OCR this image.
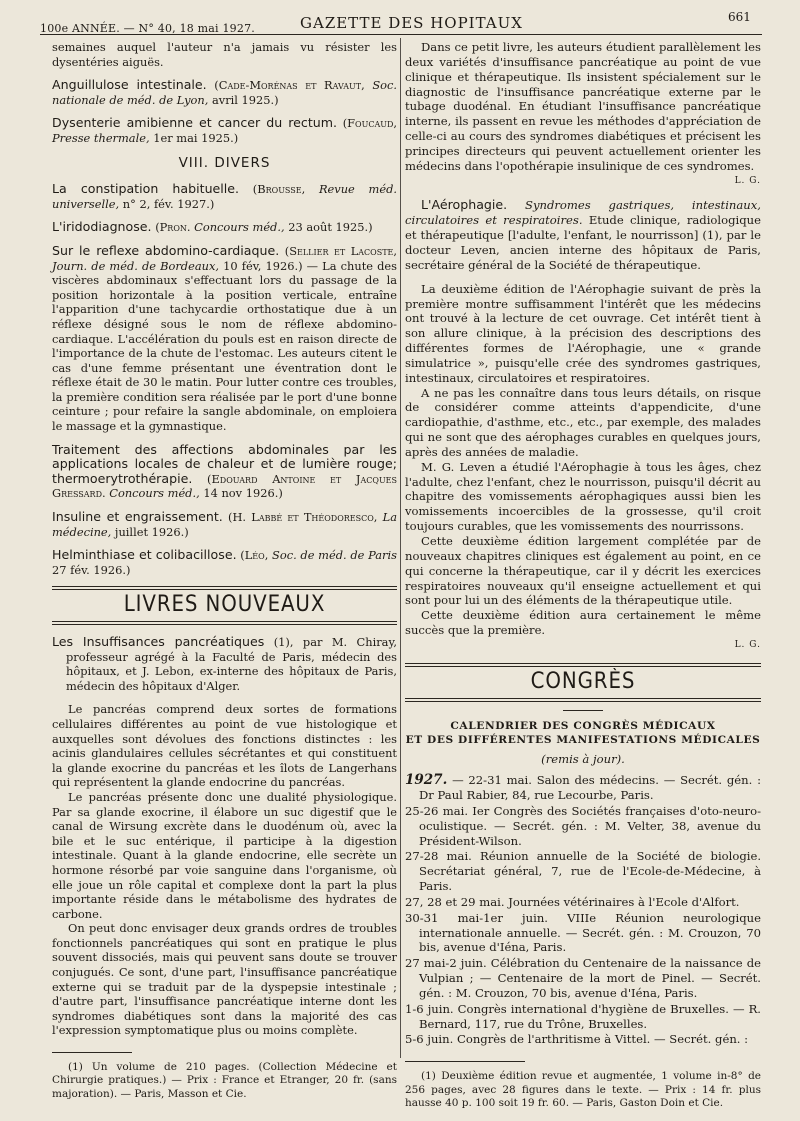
100e ANNÉE. — N° 40, 18 mai 1927.	GAZETTE DES HOPITAUX	661

semaines auquel l'auteur n'a jamais vu résister les dysentéries aiguës.

Anguillulose intestinale. (Cade-Morénas et Ravaut, Soc. nationale de méd. de Lyon, avril 1925.)

Dysenterie amibienne et cancer du rectum. (Foucaud, Presse thermale, 1er mai 1925.)

VIII. DIVERS

La constipation habituelle. (Brousse, Revue méd. universelle, n° 2, fév. 1927.)

L'iridodiagnose. (Pron. Concours méd., 23 août 1925.)

Sur le reflexe abdomino-cardiaque. (Sellier et Lacoste, Journ. de méd. de Bordeaux, 10 fév, 1926.) — La chute des viscères abdominaux s'effectuant lors du passage de la position horizontale à la position verticale, entraîne l'apparition d'une tachycardie orthostatique due à un réflexe désigné sous le nom de réflexe abdomino-cardiaque. L'accélération du pouls est en raison directe de l'importance de la chute de l'estomac. Les auteurs citent le cas d'une femme présentant une éventration dont le réflexe était de 30 le matin. Pour lutter contre ces troubles, la première condition sera réalisée par le port d'une bonne ceinture ; pour refaire la sangle abdominale, on emploiera le massage et la gymnastique.

Traitement des affections abdominales par les applications locales de chaleur et de lumière rouge; thermoerytrothérapie. (Edouard Antoine et Jacques Gressard. Concours méd., 14 nov 1926.)

Insuline et engraissement. (H. Labbé et Théodoresco, La médecine, juillet 1926.)

Helminthiase et colibacillose. (Léo, Soc. de méd. de Paris 27 fév. 1926.)

LIVRES NOUVEAUX

Les Insuffisances pancréatiques (1), par M. Chiray, professeur agrégé à la Faculté de Paris, médecin des hôpitaux, et J. Lebon, ex-interne des hôpitaux de Paris, médecin des hôpitaux d'Alger.

Le pancréas comprend deux sortes de formations cellulaires différentes au point de vue histologique et auxquelles sont dévolues des fonctions distinctes : les acinis glandulaires cellules sécrétantes et qui constituent la glande exocrine du pancréas et les îlots de Langerhans qui représentent la glande endocrine du pancréas.

Le pancréas présente donc une dualité physiologique. Par sa glande exocrine, il élabore un suc digestif que le canal de Wirsung excrète dans le duodénum où, avec la bile et le suc entérique, il participe à la digestion intestinale. Quant à la glande endocrine, elle secrète un hormone résorbé par voie sanguine dans l'organisme, où elle joue un rôle capital et complexe dont la part la plus importante réside dans le métabolisme des hydrates de carbone.

On peut donc envisager deux grands ordres de troubles fonctionnels pancréatiques qui sont en pratique le plus souvent dissociés, mais qui peuvent sans doute se trouver conjugués. Ce sont, d'une part, l'insuffisance pancréatique externe qui se traduit par de la dyspepsie intestinale ; d'autre part, l'insuffisance pancréatique interne dont les syndromes diabétiques sont dans la majorité des cas l'expression symptomatique plus ou moins complète.

(1) Un volume de 210 pages. (Collection Médecine et Chirurgie pratiques.) — Prix : France et Etranger, 20 fr. (sans majoration). — Paris, Masson et Cie.

Dans ce petit livre, les auteurs étudient parallèlement les deux variétés d'insuffisance pancréatique au point de vue clinique et thérapeutique. Ils insistent spécialement sur le diagnostic de l'insuffisance pancréatique externe par le tubage duodénal. En étudiant l'insuffisance pancréatique interne, ils passent en revue les méthodes d'appréciation de celle-ci au cours des syndromes diabétiques et précisent les principes directeurs qui peuvent actuellement orienter les médecins dans l'opothérapie insulinique de ces syndromes.

L. G.

L'Aérophagie. Syndromes gastriques, intestinaux, circulatoires et respiratoires. Etude clinique, radiologique et thérapeutique [l'adulte, l'enfant, le nourrisson] (1), par le docteur Leven, ancien interne des hôpitaux de Paris, secrétaire général de la Société de thérapeutique.

La deuxième édition de l'Aérophagie suivant de près la première montre suffisamment l'intérêt que les médecins ont trouvé à la lecture de cet ouvrage. Cet intérêt tient à son allure clinique, à la précision des descriptions des différentes formes de l'Aérophagie, une « grande simulatrice », puisqu'elle crée des syndromes gastriques, intestinaux, circulatoires et respiratoires.

A ne pas les connaître dans tous leurs détails, on risque de considérer comme atteints d'appendicite, d'une cardiopathie, d'asthme, etc., etc., par exemple, des malades qui ne sont que des aérophages curables en quelques jours, après des années de maladie.

M. G. Leven a étudié l'Aérophagie à tous les âges, chez l'adulte, chez l'enfant, chez le nourrisson, puisqu'il décrit au chapitre des vomissements aérophagiques aussi bien les vomissements incoercibles de la grossesse, qu'il croit toujours curables, que les vomissements des nourrissons.

Cette deuxième édition largement complétée par de nouveaux chapitres cliniques est également au point, en ce qui concerne la thérapeutique, car il y décrit les exercices respiratoires nouveaux qu'il enseigne actuellement et qui sont pour lui un des éléments de la thérapeutique utile.

Cette deuxième édition aura certainement le même succès que la première.

L. G.
CONGRÈS
CALENDRIER DES CONGRÈS MÉDICAUX
ET DES DIFFÉRENTES MANIFESTATIONS MÉDICALES
(remis à jour).

1927. — 22-31 mai. Salon des médecins. — Secrét. gén. : Dr Paul Rabier, 84, rue Lecourbe, Paris.

25-26 mai. Ier Congrès des Sociétés françaises d'oto-neuro-oculistique. — Secrét. gén. : M. Velter, 38, avenue du Président-Wilson.

27-28 mai. Réunion annuelle de la Société de biologie. Secrétariat général, 7, rue de l'Ecole-de-Médecine, à Paris.

27, 28 et 29 mai. Journées vétérinaires à l'Ecole d'Alfort.

30-31 mai-1er juin. VIIIe Réunion neurologique internationale annuelle. — Secrét. gén. : M. Crouzon, 70 bis, avenue d'Iéna, Paris.

27 mai-2 juin. Célébration du Centenaire de la naissance de Vulpian ; — Centenaire de la mort de Pinel. — Secrét. gén. : M. Crouzon, 70 bis, avenue d'Iéna, Paris.

1-6 juin. Congrès international d'hygiène de Bruxelles. — R. Bernard, 117, rue du Trône, Bruxelles.

5-6 juin. Congrès de l'arthritisme à Vittel. — Secrét. gén. :

(1) Deuxième édition revue et augmentée, 1 volume in-8° de 256 pages, avec 28 figures dans le texte. — Prix : 14 fr. plus hausse 40 p. 100 soit 19 fr. 60. — Paris, Gaston Doin et Cie.
